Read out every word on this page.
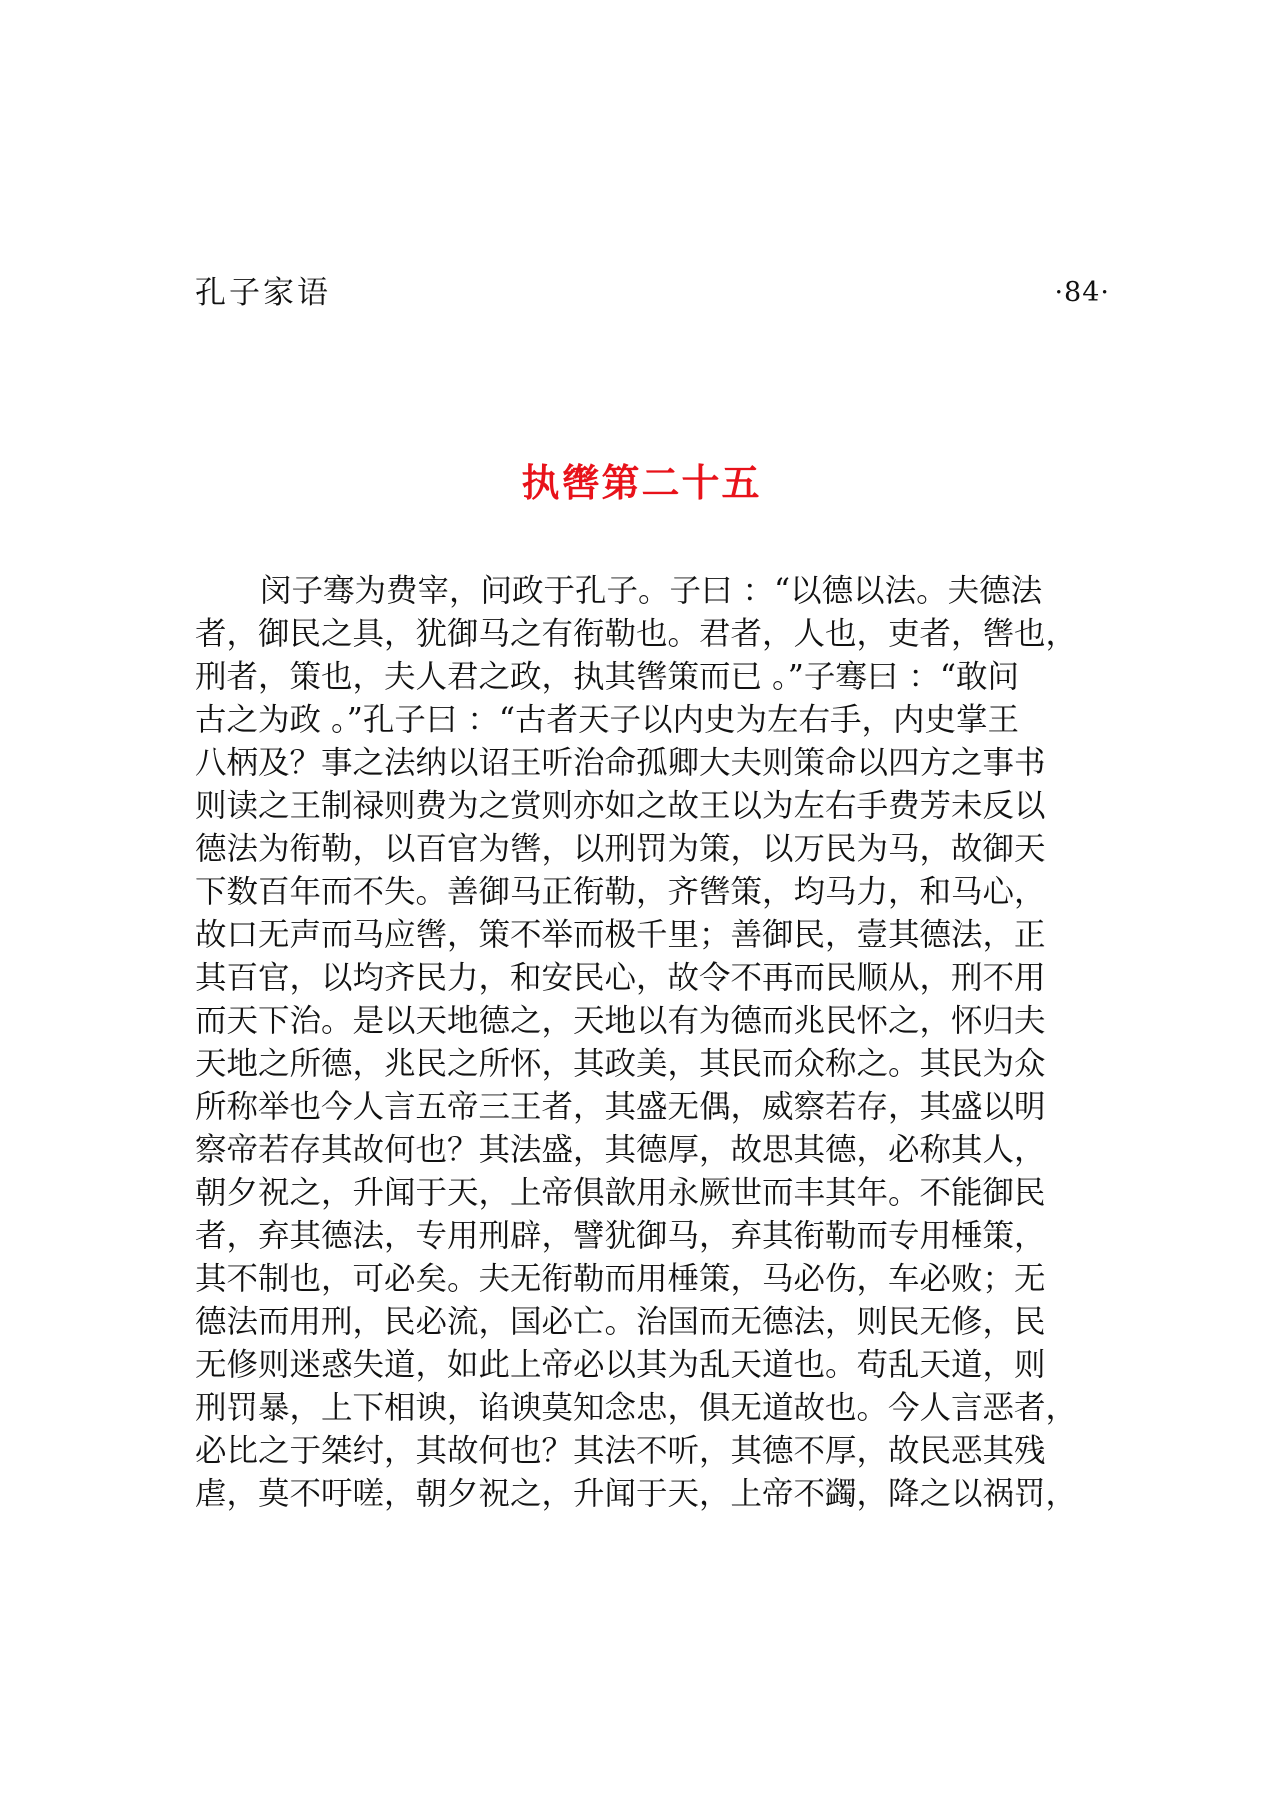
孔子家语	·84·
执辔第二十五
闵子骞为费宰，问政于孔子。子曰 ：“以德以法。夫德法
者，御民之具，犹御马之有衔勒也。君者，人也，吏者，辔也，
刑者，策也，夫人君之政，执其辔策而已 。”子骞曰 ：“敢问
古之为政 。”孔子曰 ：“古者天子以内史为左右手，内史掌王
八柄及？事之法纳以诏王听治命孤卿大夫则策命以四方之事书
则读之王制禄则费为之赏则亦如之故王以为左右手费芳未反以
德法为衔勒，以百官为辔，以刑罚为策，以万民为马，故御天
下数百年而不失。善御马正衔勒，齐辔策，均马力，和马心，
故口无声而马应辔，策不举而极千里；善御民，壹其德法，正
其百官，以均齐民力，和安民心，故令不再而民顺从，刑不用
而天下治。是以天地德之，天地以有为德而兆民怀之，怀归夫
天地之所德，兆民之所怀，其政美，其民而众称之。其民为众
所称举也今人言五帝三王者，其盛无偶，威察若存，其盛以明
察帝若存其故何也？其法盛，其德厚，故思其德，必称其人，
朝夕祝之，升闻于天，上帝俱歆用永厥世而丰其年。不能御民
者，弃其德法，专用刑辟，譬犹御马，弃其衔勒而专用棰策，
其不制也，可必矣。夫无衔勒而用棰策，马必伤，车必败；无
德法而用刑，民必流，国必亡。治国而无德法，则民无修，民
无修则迷惑失道，如此上帝必以其为乱天道也。苟乱天道，则
刑罚暴，上下相谀，谄谀莫知念忠，俱无道故也。今人言恶者，
必比之于桀纣，其故何也？其法不听，其德不厚，故民恶其残
虐，莫不吁嗟，朝夕祝之，升闻于天，上帝不蠲，降之以祸罚，
